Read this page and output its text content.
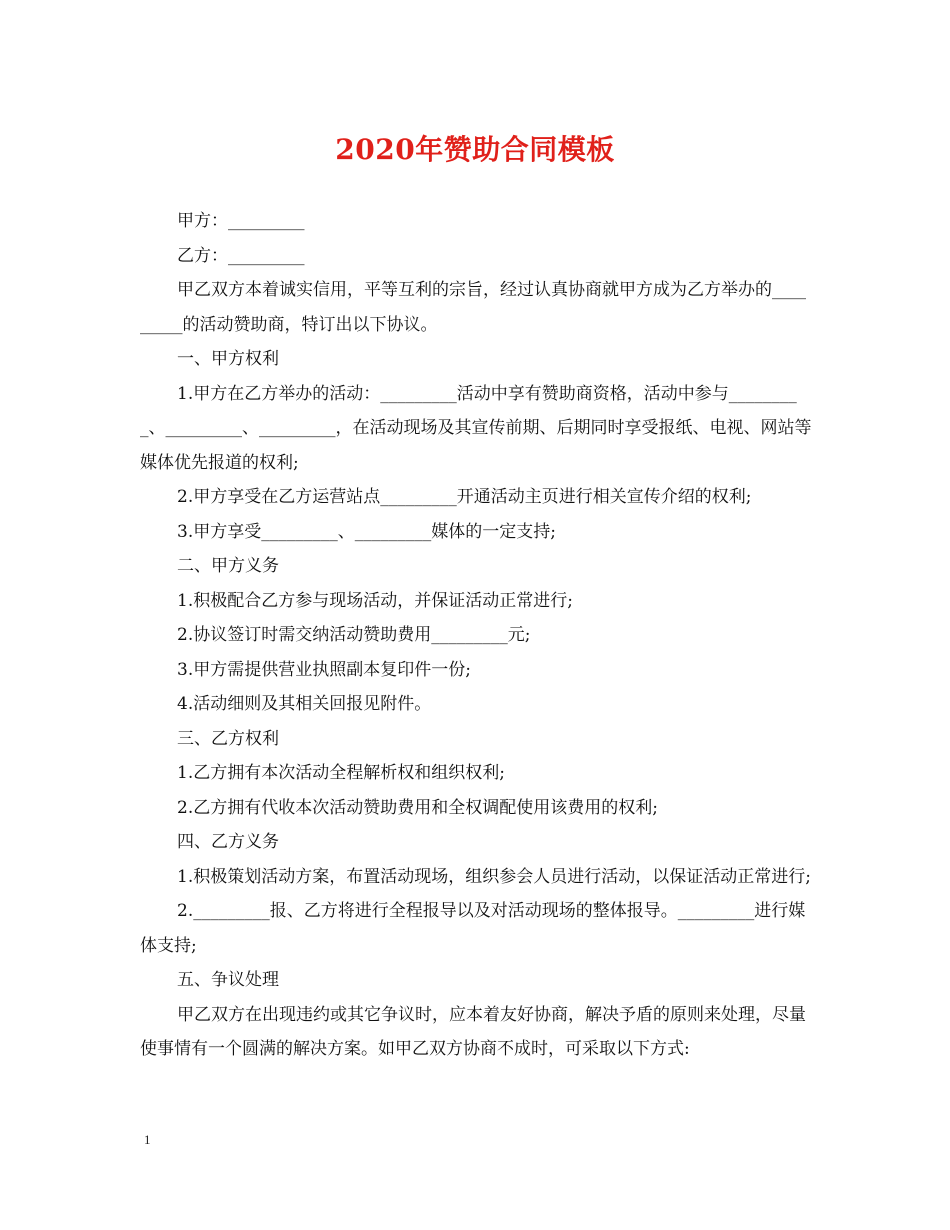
2020年赞助合同模板

甲方：_________

乙方：_________

甲乙双方本着诚实信用，平等互利的宗旨，经过认真协商就甲方成为乙方举办的_________的活动赞助商，特订出以下协议。

一、甲方权利

1.甲方在乙方举办的活动：_________活动中享有赞助商资格，活动中参与_________、_________、_________，在活动现场及其宣传前期、后期同时享受报纸、电视、网站等媒体优先报道的权利;

2.甲方享受在乙方运营站点_________开通活动主页进行相关宣传介绍的权利;

3.甲方享受_________、_________媒体的一定支持;

二、甲方义务

1.积极配合乙方参与现场活动，并保证活动正常进行;

2.协议签订时需交纳活动赞助费用_________元;

3.甲方需提供营业执照副本复印件一份;

4.活动细则及其相关回报见附件。

三、乙方权利

1.乙方拥有本次活动全程解析权和组织权利;

2.乙方拥有代收本次活动赞助费用和全权调配使用该费用的权利;

四、乙方义务

1.积极策划活动方案，布置活动现场，组织参会人员进行活动，以保证活动正常进行;

2._________报、乙方将进行全程报导以及对活动现场的整体报导。_________进行媒体支持;

五、争议处理

甲乙双方在出现违约或其它争议时，应本着友好协商，解决予盾的原则来处理，尽量使事情有一个圆满的解决方案。如甲乙双方协商不成时，可采取以下方式:

1
